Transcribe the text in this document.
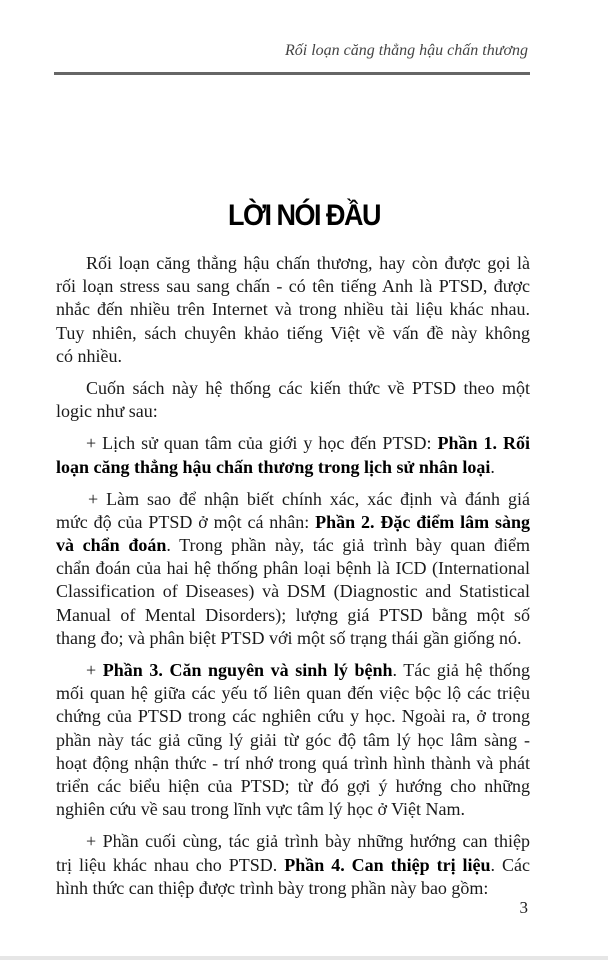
Rối loạn căng thẳng hậu chấn thương
LỜI NÓI ĐẦU
Rối loạn căng thẳng hậu chấn thương, hay còn được gọi là
rối loạn stress sau sang chấn - có tên tiếng Anh là PTSD, được
nhắc đến nhiều trên Internet và trong nhiều tài liệu khác nhau.
Tuy nhiên, sách chuyên khảo tiếng Việt về vấn đề này không
có nhiều.
Cuốn sách này hệ thống các kiến thức về PTSD theo một
logic như sau:
+ Lịch sử quan tâm của giới y học đến PTSD: Phần 1. Rối
loạn căng thẳng hậu chấn thương trong lịch sử nhân loại.
+ Làm sao để nhận biết chính xác, xác định và đánh giá
mức độ của PTSD ở một cá nhân: Phần 2. Đặc điểm lâm sàng
và chẩn đoán. Trong phần này, tác giả trình bày quan điểm
chẩn đoán của hai hệ thống phân loại bệnh là ICD (International
Classification of Diseases) và DSM (Diagnostic and Statistical
Manual of Mental Disorders); lượng giá PTSD bằng một số
thang đo; và phân biệt PTSD với một số trạng thái gần giống nó.
+ Phần 3. Căn nguyên và sinh lý bệnh. Tác giả hệ thống
mối quan hệ giữa các yếu tố liên quan đến việc bộc lộ các triệu
chứng của PTSD trong các nghiên cứu y học. Ngoài ra, ở trong
phần này tác giả cũng lý giải từ góc độ tâm lý học lâm sàng -
hoạt động nhận thức - trí nhớ trong quá trình hình thành và phát
triển các biểu hiện của PTSD; từ đó gợi ý hướng cho những
nghiên cứu về sau trong lĩnh vực tâm lý học ở Việt Nam.
+ Phần cuối cùng, tác giả trình bày những hướng can thiệp
trị liệu khác nhau cho PTSD. Phần 4. Can thiệp trị liệu. Các
hình thức can thiệp được trình bày trong phần này bao gồm:
3
